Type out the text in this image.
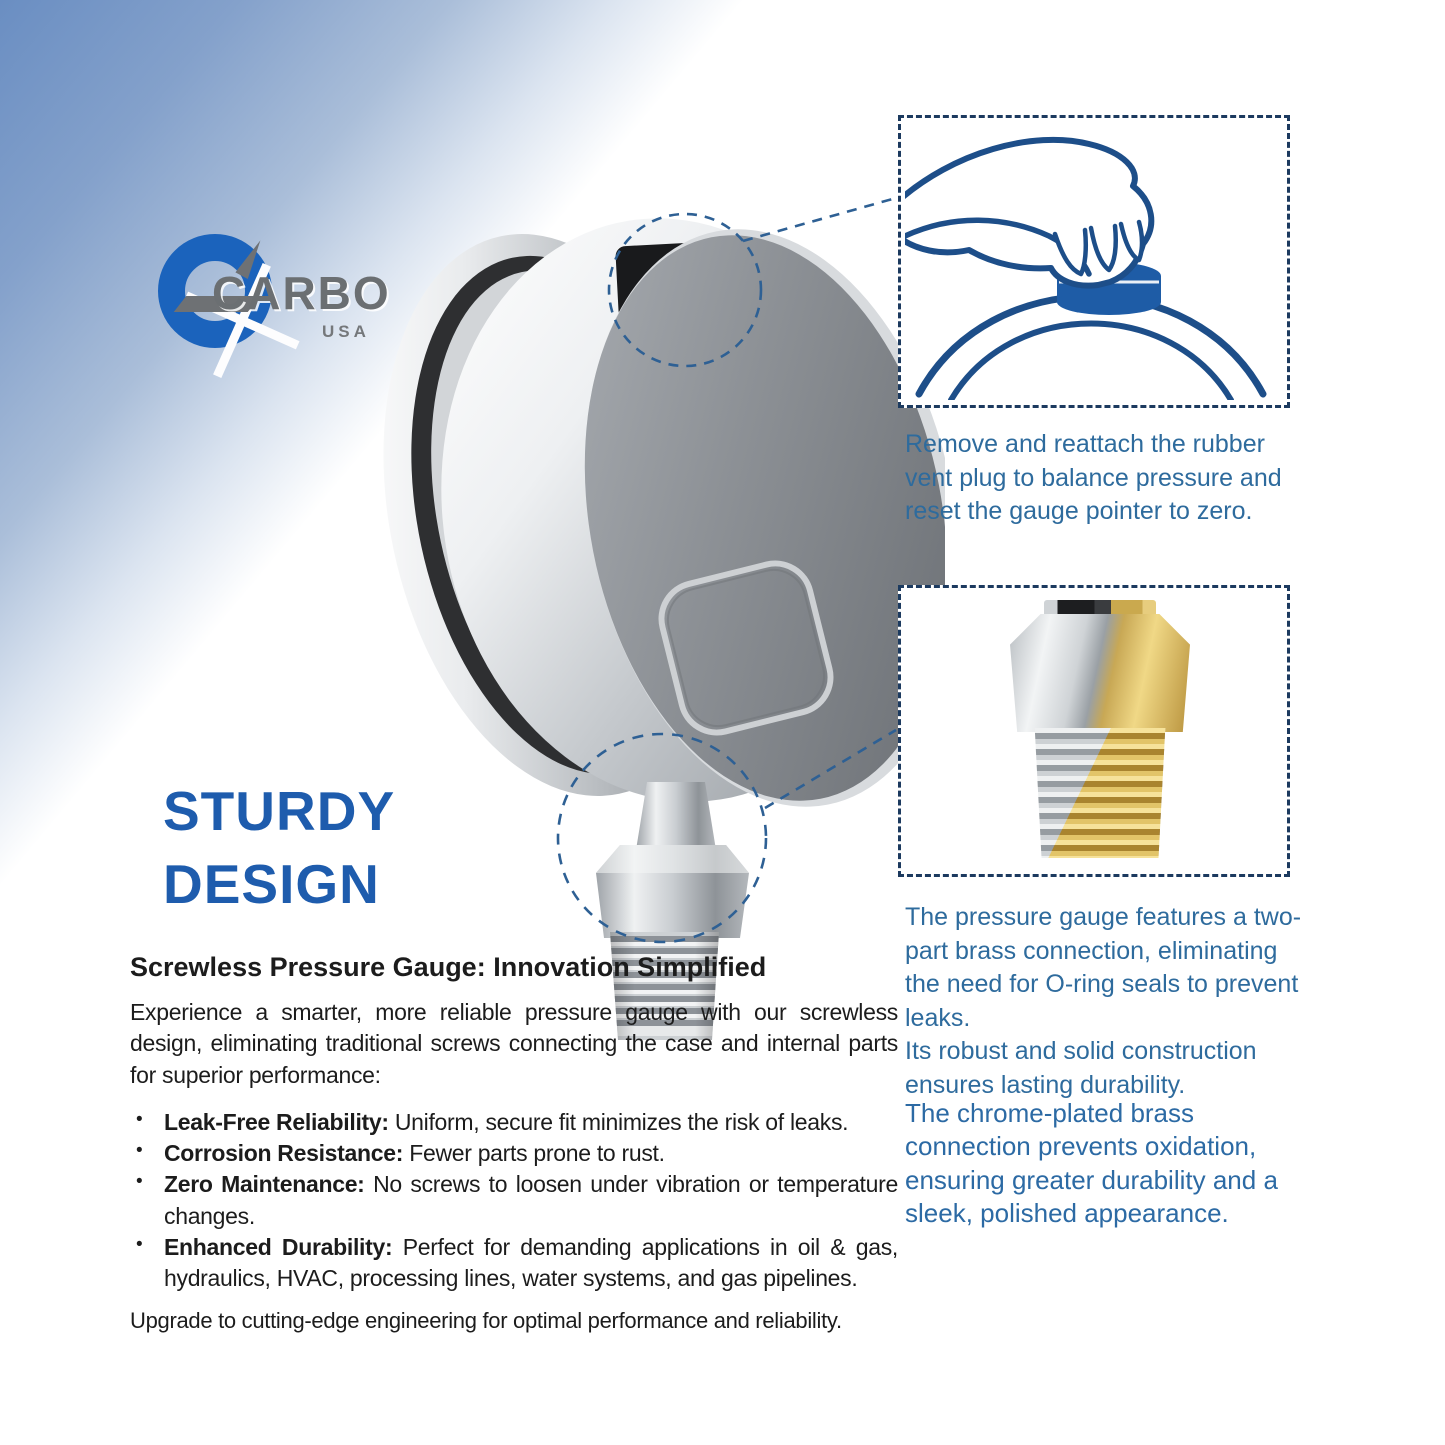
CARBO
USA
STURDY
DESIGN
Remove and reattach the rubber vent plug to balance pressure and reset the gauge pointer to zero.
The pressure gauge features a two-part brass connection, eliminating the need for O-ring seals to prevent leaks.
Its robust and solid construction ensures lasting durability.
The chrome-plated brass connection prevents oxidation, ensuring greater durability and a sleek, polished appearance.
Screwless Pressure Gauge: Innovation Simplified

Experience a smarter, more reliable pressure gauge with our screwless design, eliminating traditional screws connecting the case and internal parts for superior performance:

• Leak-Free Reliability: Uniform, secure fit minimizes the risk of leaks.
• Corrosion Resistance: Fewer parts prone to rust.
• Zero Maintenance: No screws to loosen under vibration or temperature changes.
• Enhanced Durability: Perfect for demanding applications in oil & gas, hydraulics, HVAC, processing lines, water systems, and gas pipelines.
Upgrade to cutting-edge engineering for optimal performance and reliability.
